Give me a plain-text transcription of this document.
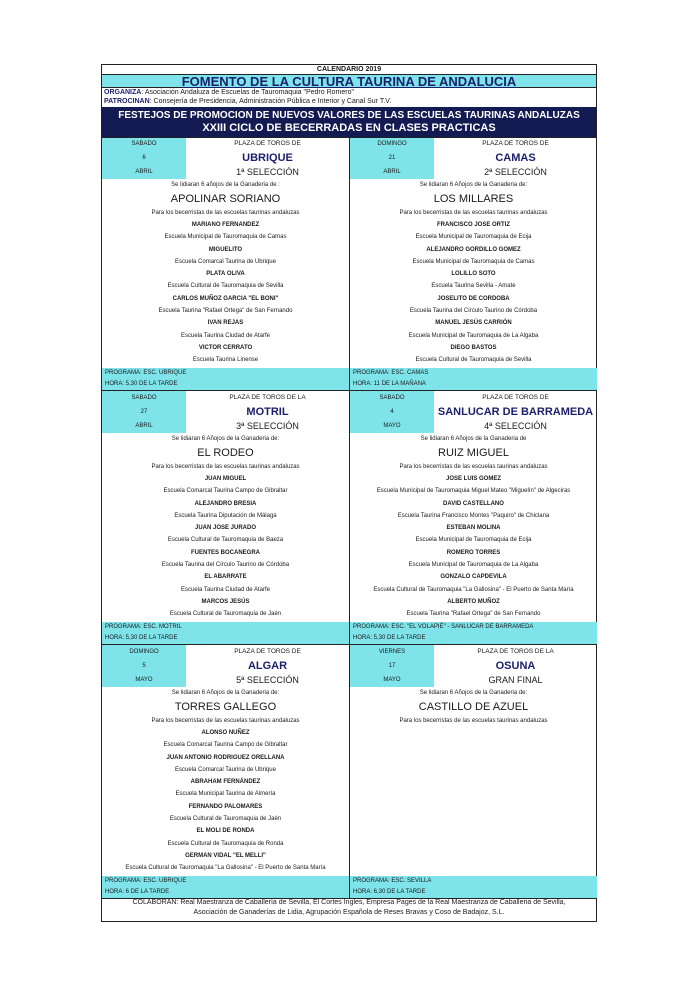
CALENDARIO 2019
FOMENTO DE LA CULTURA TAURINA DE ANDALUCIA
ORGANIZA: Asociación Andaluza de Escuelas de Tauromaquia "Pedro Romero"
PATROCINAN: Consejería de Presidencia, Administración Pública e Interior y Canal Sur T.V.
FESTEJOS DE PROMOCION DE NUEVOS VALORES DE LAS ESCUELAS TAURINAS ANDALUZAS
XXIII CICLO DE BECERRADAS EN CLASES PRACTICAS
COLABORAN: Real Maestranza de Caballería de Sevilla, El Cortes Ingles, Empresa Pages de la Real Maestranza de Caballeria de Sevilla,
Asociación de Ganaderías de Lidia, Agrupación Española de Reses Bravas y Coso de Badajoz, S.L.
SABADO
6
ABRIL
PLAZA DE TOROS DE
UBRIQUE
1ª SELECCIÓN
Se lidiaran 6 añojos de la Ganaderia de :
APOLINAR SORIANO
Para los becerristas de las escuelas taurinas andaluzas
MARIANO FERNANDEZ
Escuela Municipal de Tauromaquia de Camas
MIGUELITO
Escuela Comarcal Taurina de Ubrique
PLATA OLIVA
Escuela Cultural de Tauromaquia de Sevilla
CARLOS MUÑOZ GARCIA "EL BONI"
Escuela Taurina "Rafael Ortega" de San Fernando
IVAN REJAS
Escuela Taurina Ciudad de Atarfe
VICTOR CERRATO
Escuela Taurina Linense
PROGRAMA: ESC. UBRIQUE
HORA: 5,30 DE LA TARDE
DOMINGO
21
ABRIL
PLAZA DE TOROS DE
CAMAS
2ª SELECCIÓN
Se lidiaran 6 Añojos de la Ganaderia de:
LOS MILLARES
Para los becerristas de las escuelas taurinas andaluzas
FRANCISCO JOSE ORTIZ
Escuela Municipal de Tauromaquia de Ecija
ALEJANDRO GORDILLO GOMEZ
Escuela Municipal de Tauromaquia de Camas
LOLILLO SOTO
Escuela Taurina Sevilla - Amate
JOSELITO DE CORDOBA
Escuela Taurina del Círculo Taurino de Córdoba
MANUEL JESÚS CARRIÓN
Escuela Municipal de Tauromaquia de La Algaba
DIEGO BASTOS
Escuela Cultural de Tauromaquia de Sevilla
PROGRAMA: ESC. CAMAS
HORA: 11 DE LA MAÑANA
SABADO
27
ABRIL
PLAZA DE TOROS DE LA
MOTRIL
3ª SELECCIÓN
Se lidiaran 6 Añojos de la Ganaderia de:
EL RODEO
Para los becerristas de las escuelas taurinas andaluzas
JUAN MIGUEL
Escuela Comarcal Taurina Campo de Gibraltar
ALEJANDRO BRESIA
Escuela Taurina Diputación de Málaga
JUAN JOSE JURADO
Escuela Cultural de Tauromaquia de Baeza
FUENTES BOCANEGRA
Escuela Taurina del Círculo Taurino de Córdoba
EL ABARRATE
Escuela Taurina Ciudad de Atarfe
MARCOS JESÚS
Escuela Cultural de Tauromaquia de Jaén
PROGRAMA: ESC. MOTRIL
HORA: 5,30 DE LA TARDE
SABADO
4
MAYO
PLAZA DE TOROS DE
SANLUCAR DE BARRAMEDA
4ª SELECCIÓN
Se lidiaran 6 Añojos de la Ganaderia de
RUIZ MIGUEL
Para los becerristas de las escuelas taurinas andaluzas
JOSE LUIS GOMEZ
Escuela Municipal de Tauromaquia Miguel Mateo "Miguelín" de Algeciras
DAVID CASTELLANO
Escuela Taurina Francisco Montes "Paquiro" de Chiclana
ESTEBAN MOLINA
Escuela Municipal de Tauromaquia de Ecija
ROMERO TORRES
Escuela Municipal de Tauromaquia de La Algaba
GONZALO CAPDEVILA
Escuela Cultural de Tauromaquia "La Gallosina" - El Puerto de Santa María
ALBERTO MUÑOZ
Escuela Taurina "Rafael Ortega" de San Fernando
PROGRAMA: ESC. "EL VOLAPIÉ" - SANLUCAR DE BARRAMEDA
HORA: 5,30 DE LA TARDE
DOMINGO
5
MAYO
PLAZA DE TOROS DE
ALGAR
5ª SELECCIÓN
Se lidiaran 6 Añojos de la Ganaderia de:
TORRES GALLEGO
Para los becerristas de las escuelas taurinas andaluzas
ALONSO NUÑEZ
Escuela Comarcal Taurina Campo de Gibraltar
JUAN ANTONIO RODRIGUEZ ORELLANA
Escuela Comarcal Taurina de Ubrique
ABRAHAM FERNÁNDEZ
Escuela Municipal Taurina de Almería
FERNANDO PALOMARES
Escuela Cultural de Tauromaquia de Jaén
EL MOLI DE RONDA
Escuela Cultural de Tauromaquia de Ronda
GERMAN VIDAL "EL MELLI"
Escuela Cultural de Tauromaquia "La Gallosina" - El Puerto de Santa María
PROGRAMA: ESC. UBRIQUE
HORA: 6 DE LA TARDE
VIERNES
17
MAYO
PLAZA DE TOROS DE LA
OSUNA
GRAN FINAL
Se lidiaran 6 Añojos de la Ganaderia de:
CASTILLO DE AZUEL
Para los becerristas de las escuelas taurinas andaluzas
PROGRAMA: ESC. SEVILLA
HORA: 6,30 DE LA TARDE
